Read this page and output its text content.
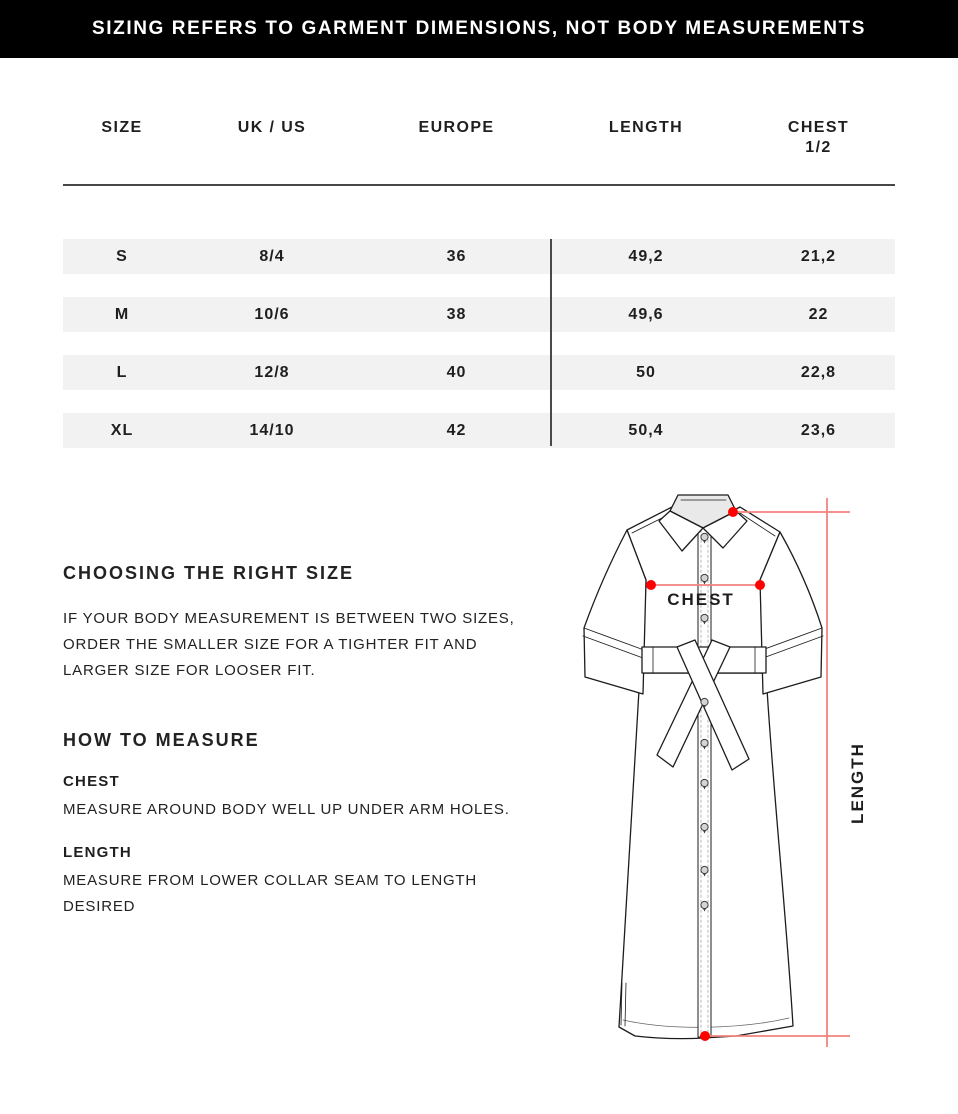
SIZING REFERS TO GARMENT DIMENSIONS, NOT BODY MEASUREMENTS
SIZE	UK / US	EUROPE	LENGTH	CHEST
1/2
S	8/4	36	49,2	21,2
M	10/6	38	49,6	22
L	12/8	40	50	22,8
XL	14/10	42	50,4	23,6
CHOOSING THE RIGHT SIZE

IF YOUR BODY MEASUREMENT IS BETWEEN TWO SIZES, ORDER THE SMALLER SIZE FOR A TIGHTER FIT AND LARGER SIZE FOR LOOSER FIT.

HOW TO MEASURE
CHEST
MEASURE AROUND BODY WELL UP UNDER ARM HOLES.
LENGTH
MEASURE FROM LOWER COLLAR SEAM TO LENGTH DESIRED
CHEST
LENGTH
